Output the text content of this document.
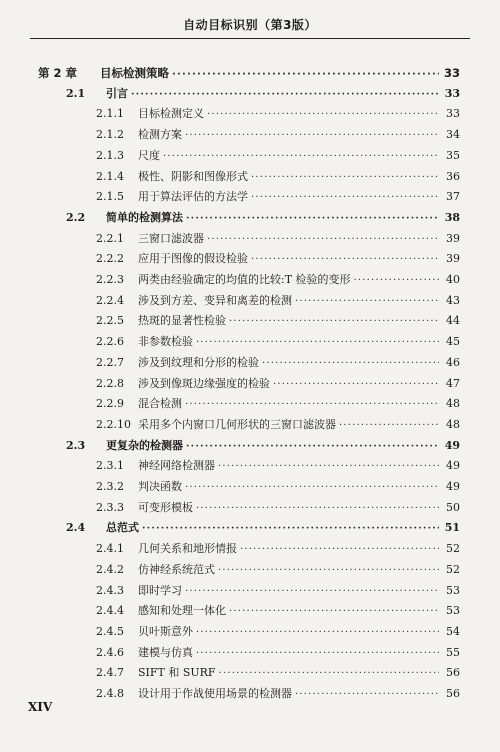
自动目标识别（第3版）
第 2 章	目标检测策略 ·····	33
2.1	引言 ·····	33
2.1.1	目标检测定义 ·····	33
2.1.2	检测方案 ·····	34
2.1.3	尺度 ·····	35
2.1.4	极性、阴影和图像形式 ·····	36
2.1.5	用于算法评估的方法学 ·····	37
2.2	简单的检测算法 ·····	38
2.2.1	三窗口滤波器 ·····	39
2.2.2	应用于图像的假设检验 ·····	39
2.2.3	两类由经验确定的均值的比较:T 检验的变形 ·····	40
2.2.4	涉及到方差、变异和离差的检测 ·····	43
2.2.5	热斑的显著性检验 ·····	44
2.2.6	非参数检验 ·····	45
2.2.7	涉及到纹理和分形的检验 ·····	46
2.2.8	涉及到像斑边缘强度的检验 ·····	47
2.2.9	混合检测 ·····	48
2.2.10 采用多个内窗口几何形状的三窗口滤波器 ·····	48
2.3	更复杂的检测器 ·····	49
2.3.1	神经网络检测器 ·····	49
2.3.2	判决函数 ·····	49
2.3.3	可变形模板 ·····	50
2.4	总范式 ·····	51
2.4.1	几何关系和地形情报 ·····	52
2.4.2	仿神经系统范式 ·····	52
2.4.3	即时学习 ·····	53
2.4.4	感知和处理一体化 ·····	53
2.4.5	贝叶斯意外 ·····	54
2.4.6	建模与仿真 ·····	55
2.4.7	SIFT 和 SURF ·····	56
2.4.8	设计用于作战使用场景的检测器 ·····	56
XIV
